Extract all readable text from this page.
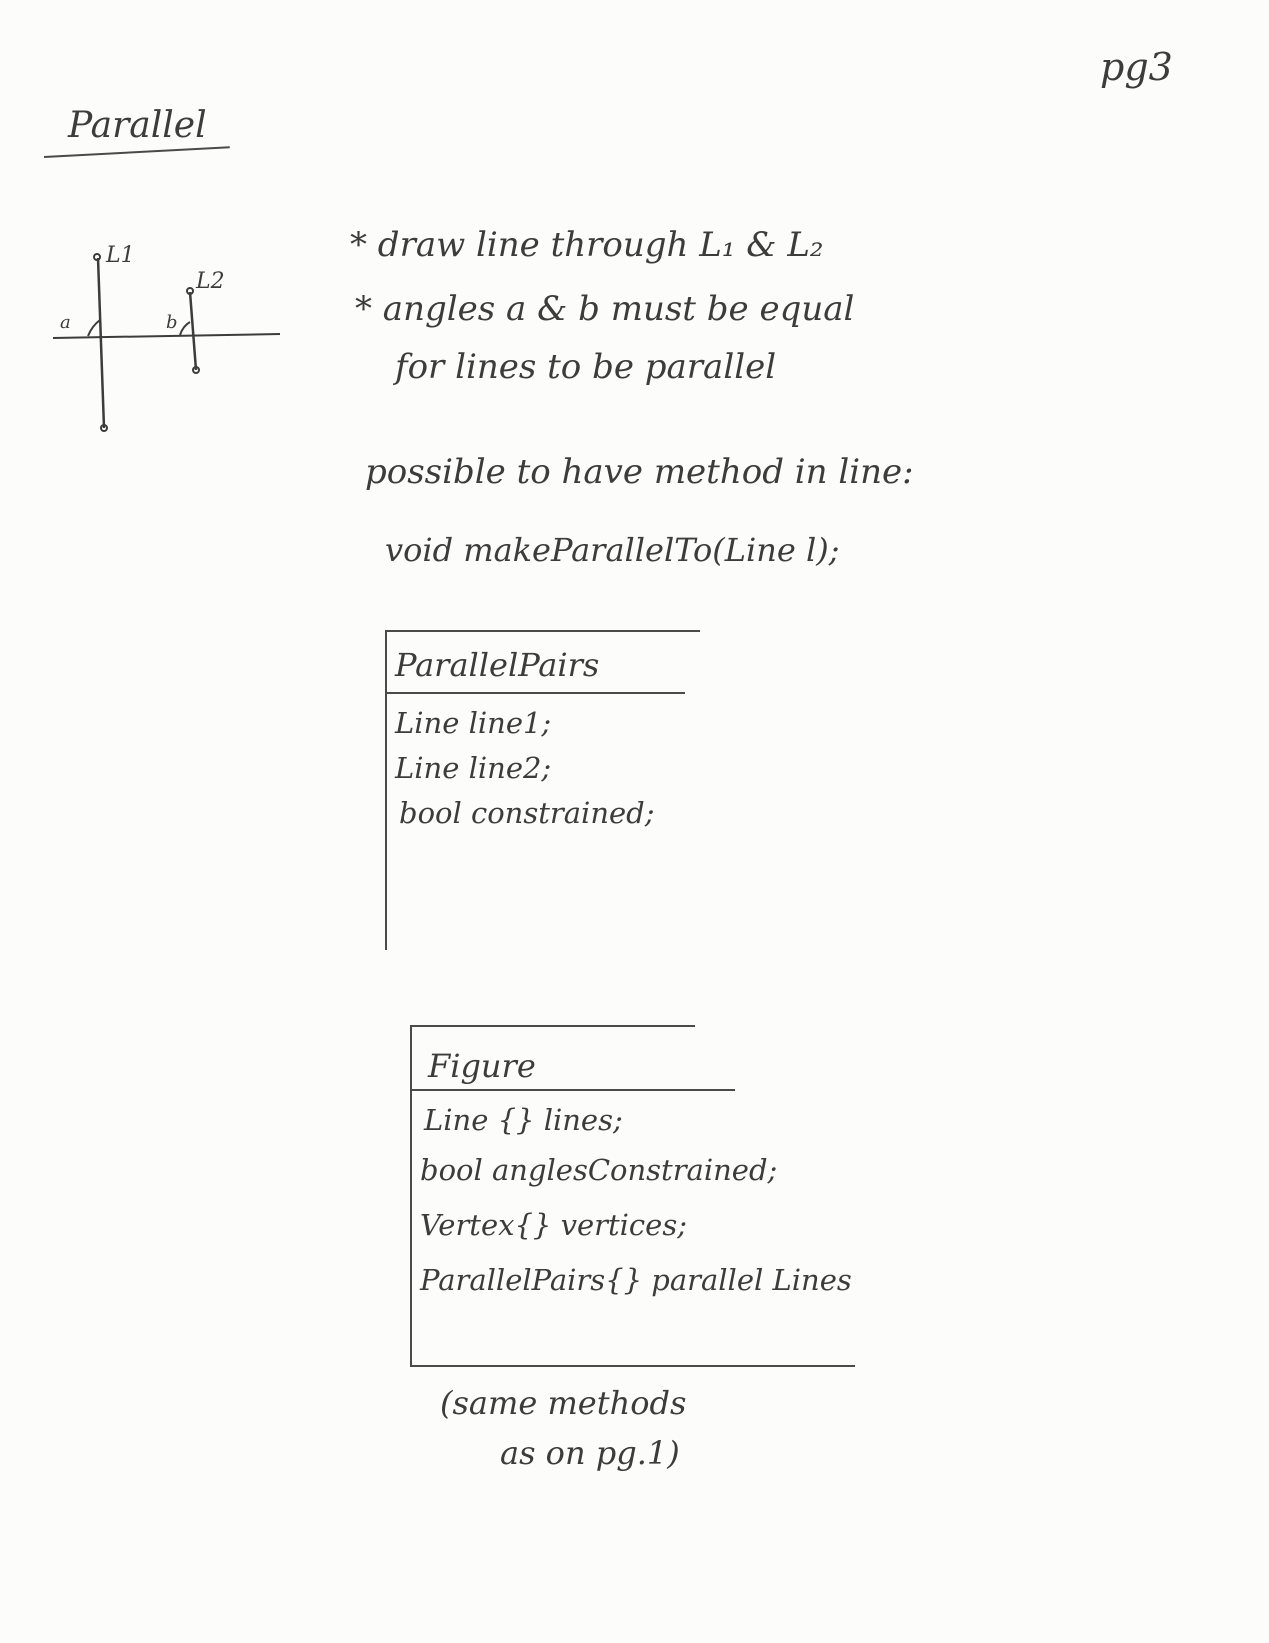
pg3
Parallel
L1
L2
a	b
* draw line through L₁ & L₂
* angles a & b must be equal
for lines to be parallel
possible to have method in line:
void makeParallelTo(Line l);
ParallelPairs
Line line1;
Line line2;
bool constrained;
Figure
Line {} lines;
bool anglesConstrained;
Vertex{} vertices;
ParallelPairs{} parallel Lines
(same methods
as on pg.1)
